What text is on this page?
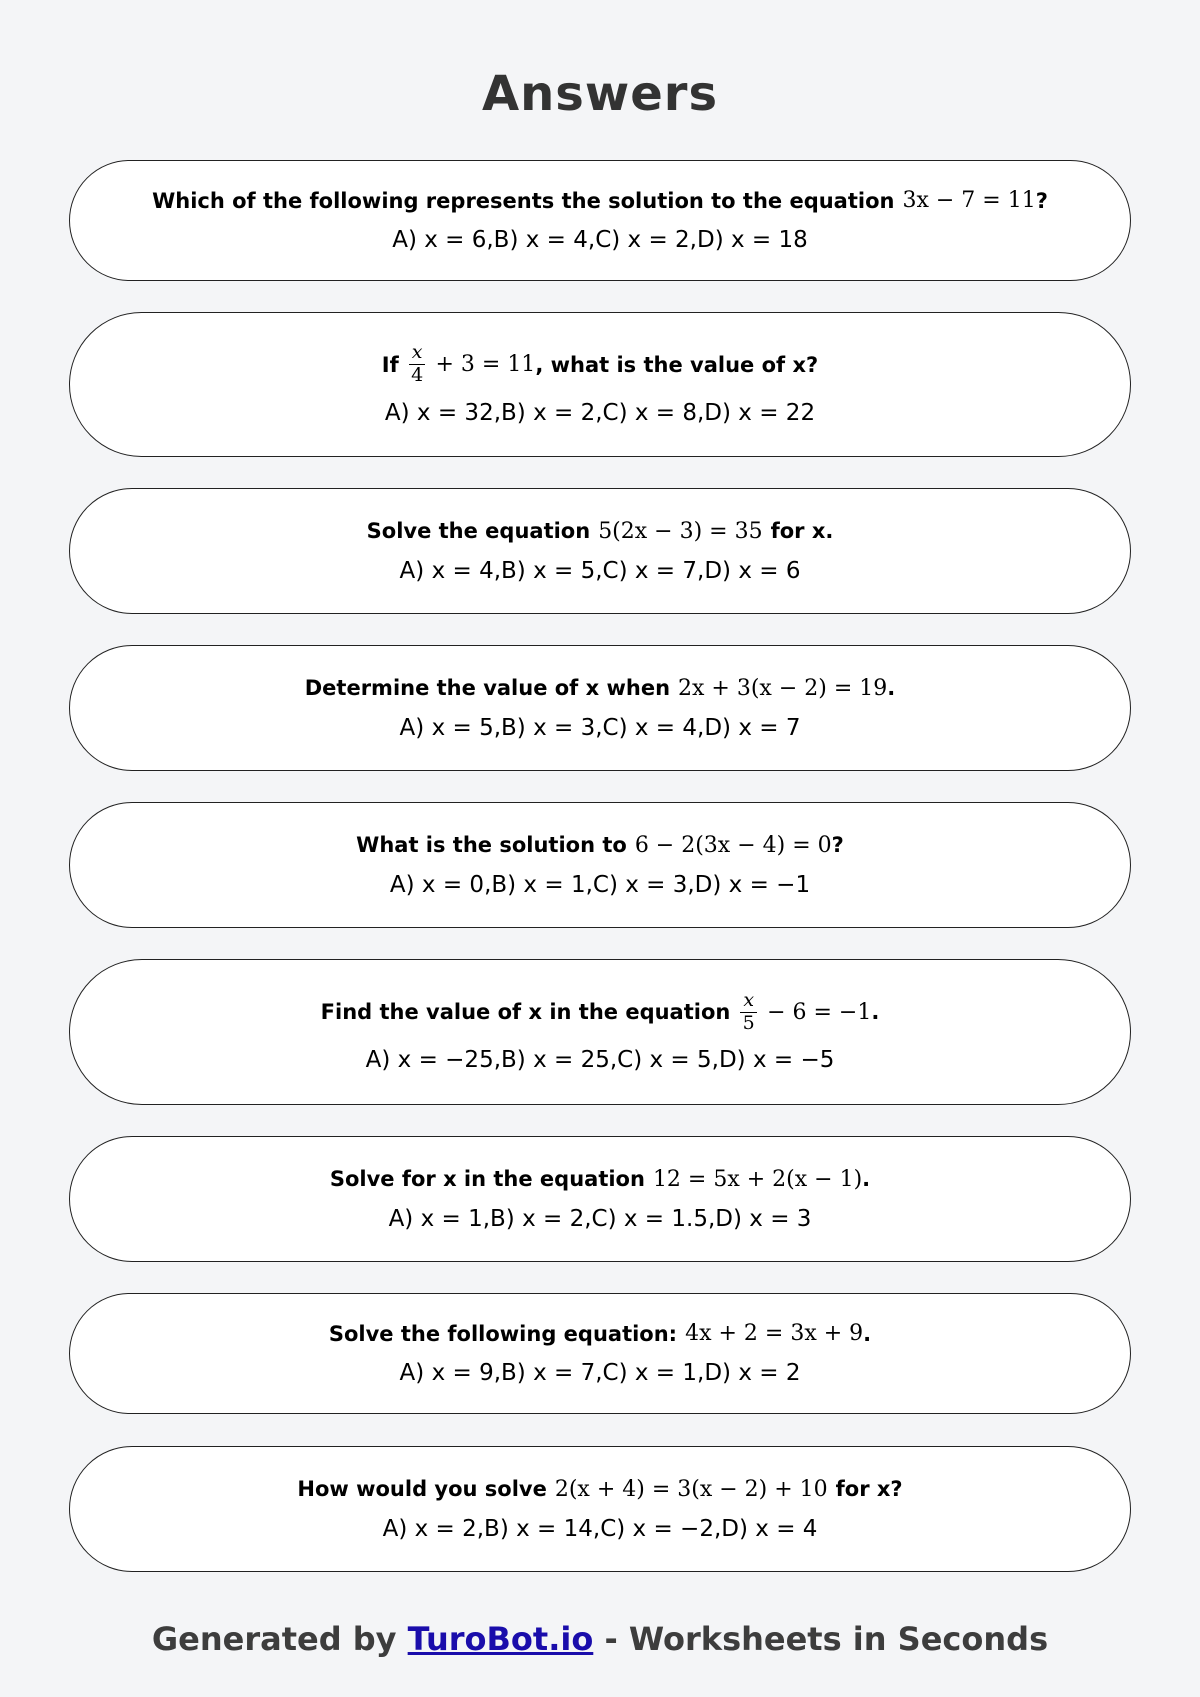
Answers
Which of the following represents the solution to the equation 3x − 7 = 11 ?
A) x = 6,B) x = 4,C) x = 2,D) x = 18
If $\frac{x}{4} + 3 = 11$ , what is the value of x?
A) x = 32,B) x = 2,C) x = 8,D) x = 22
Solve the equation 5(2x − 3) = 35 for x.
A) x = 4,B) x = 5,C) x = 7,D) x = 6
Determine the value of x when 2x + 3(x − 2) = 19 .
A) x = 5,B) x = 3,C) x = 4,D) x = 7
What is the solution to 6 − 2(3x − 4) = 0 ?
A) x = 0,B) x = 1,C) x = 3,D) x = −1
Find the value of x in the equation $\frac{x}{5} - 6 = -1$ .
A) x = −25,B) x = 25,C) x = 5,D) x = −5
Solve for x in the equation 12 = 5x + 2(x − 1) .
A) x = 1,B) x = 2,C) x = 1.5,D) x = 3
Solve the following equation: 4x + 2 = 3x + 9 .
A) x = 9,B) x = 7,C) x = 1,D) x = 2
How would you solve 2(x + 4) = 3(x − 2) + 10 for x?
A) x = 2,B) x = 14,C) x = −2,D) x = 4
Generated by TuroBot.io - Worksheets in Seconds
